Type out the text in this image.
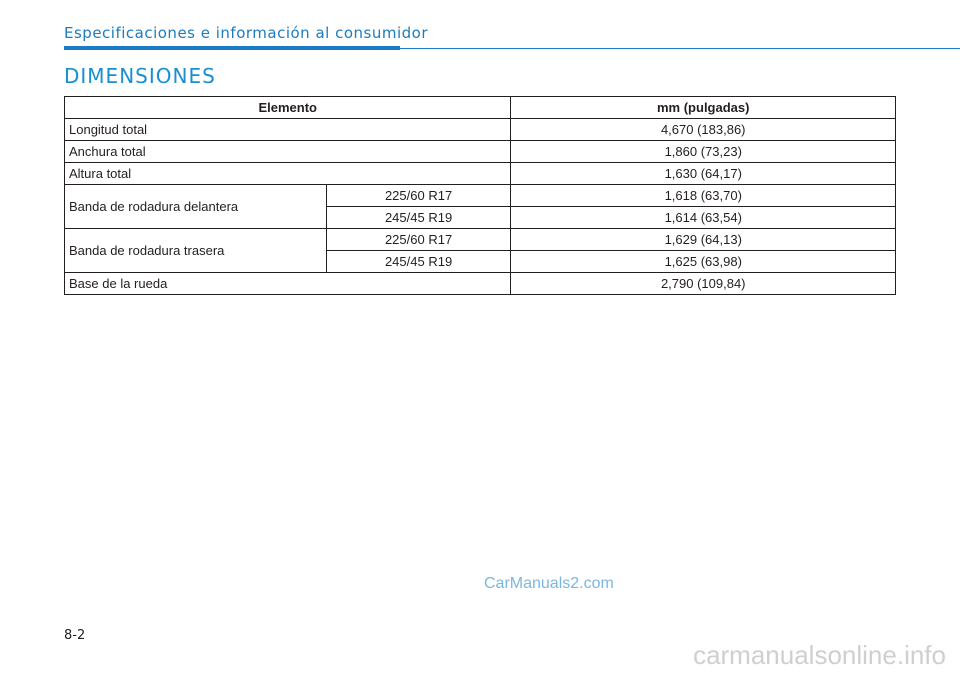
Especificaciones e información al consumidor
DIMENSIONES
Elemento		mm (pulgadas)
Longitud total		4,670 (183,86)
Anchura total		1,860 (73,23)
Altura total		1,630 (64,17)
Banda de rodadura delantera	225/60 R17	1,618 (63,70)
	245/45 R19	1,614 (63,54)
Banda de rodadura trasera	225/60 R17	1,629 (64,13)
	245/45 R19	1,625 (63,98)
Base de la rueda		2,790 (109,84)
CarManuals2.com
8-2
carmanualsonline.info
